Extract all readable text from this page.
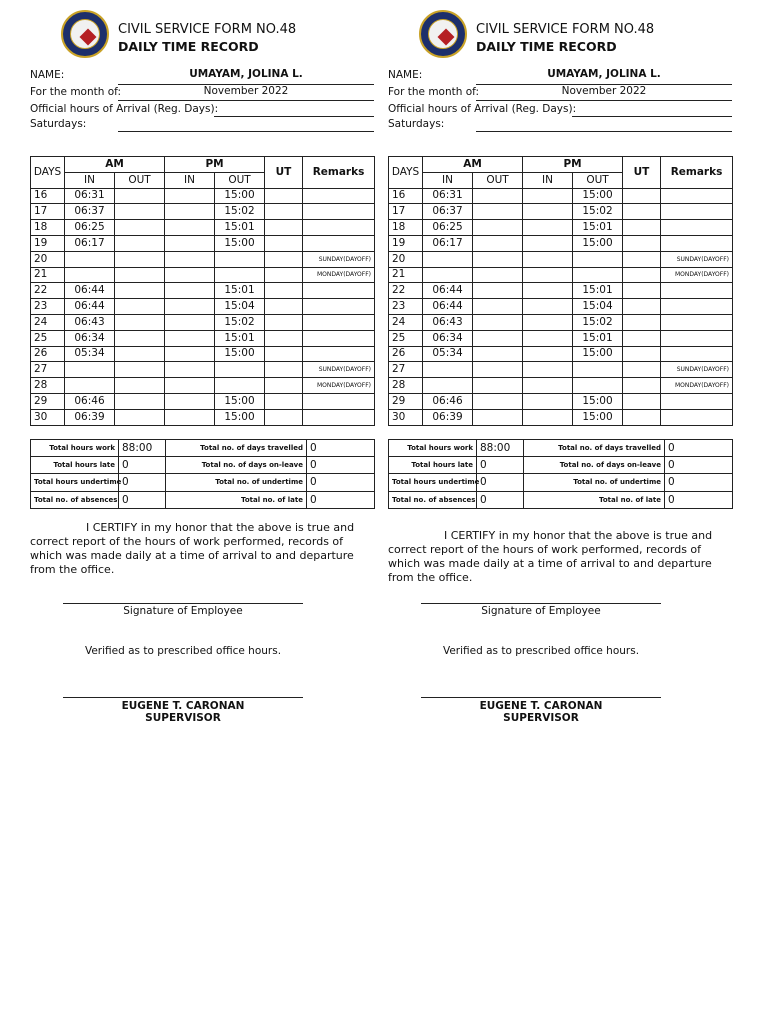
CIVIL SERVICE FORM NO.48
DAILY TIME RECORD
NAME:	UMAYAM, JOLINA L.
For the month of:	November 2022
Official hours of Arrival (Reg. Days):
Saturdays:
DAYS	AM		PM		UT	Remarks
	IN	OUT	IN	OUT		
16	06:31			15:00		
17	06:37			15:02		
18	06:25			15:01		
19	06:17			15:00		
20						SUNDAY(DAYOFF)
21						MONDAY(DAYOFF)
22	06:44			15:01		
23	06:44			15:04		
24	06:43			15:02		
25	06:34			15:01		
26	05:34			15:00		
27						SUNDAY(DAYOFF)
28						MONDAY(DAYOFF)
29	06:46			15:00		
30	06:39			15:00		
Total hours work	88:00	Total no. of days travelled	0
Total hours late	0	Total no. of days on-leave	0
Total hours undertime	0	Total no. of undertime	0
Total no. of absences	0	Total no. of late	0
I CERTIFY in my honor that the above is true and correct report of the hours of work performed, records of which was made daily at a time of arrival to and departure from the office.
Signature of Employee
Verified as to prescribed office hours.
EUGENE T. CARONAN
SUPERVISOR
CIVIL SERVICE FORM NO.48
DAILY TIME RECORD
NAME:	UMAYAM, JOLINA L.
For the month of:	November 2022
Official hours of Arrival (Reg. Days):
Saturdays:
DAYS	AM		PM		UT	Remarks
	IN	OUT	IN	OUT		
16	06:31			15:00		
17	06:37			15:02		
18	06:25			15:01		
19	06:17			15:00		
20						SUNDAY(DAYOFF)
21						MONDAY(DAYOFF)
22	06:44			15:01		
23	06:44			15:04		
24	06:43			15:02		
25	06:34			15:01		
26	05:34			15:00		
27						SUNDAY(DAYOFF)
28						MONDAY(DAYOFF)
29	06:46			15:00		
30	06:39			15:00		
Total hours work	88:00	Total no. of days travelled	0
Total hours late	0	Total no. of days on-leave	0
Total hours undertime	0	Total no. of undertime	0
Total no. of absences	0	Total no. of late	0
I CERTIFY in my honor that the above is true and correct report of the hours of work performed, records of which was made daily at a time of arrival to and departure from the office.
Signature of Employee
Verified as to prescribed office hours.
EUGENE T. CARONAN
SUPERVISOR
